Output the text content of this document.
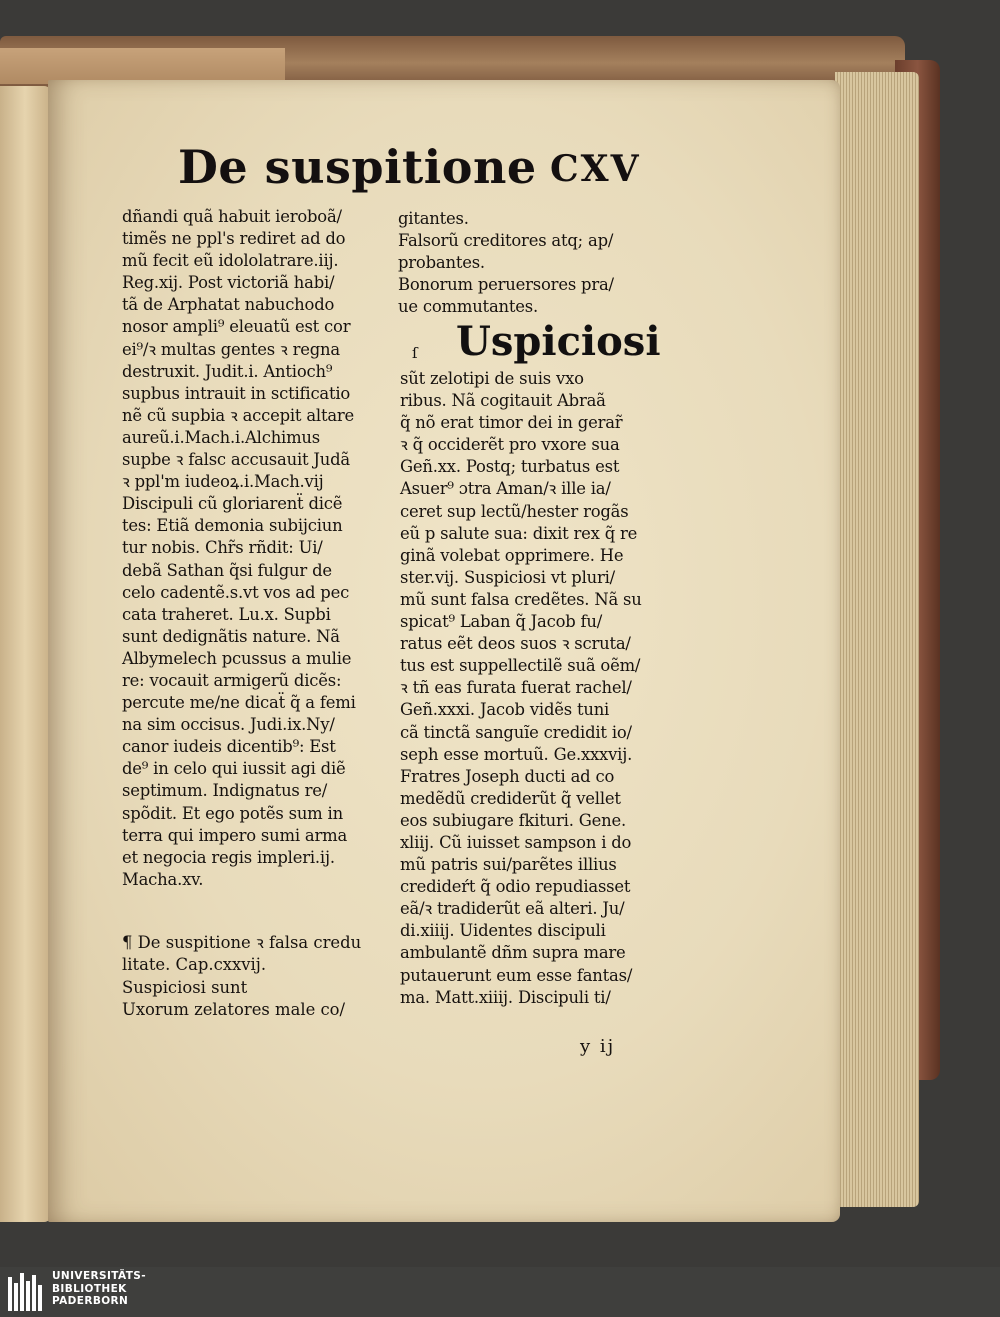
De suspitione CXV
dñandi quã habuit ieroboã/
timẽs ne ppl's rediret ad do
mũ fecit eũ idololatrare.iij.
Reg.xij. Post victoriã habi/
tã de Arphatat nabuchodo
nosor ampli⁹ eleuatũ est cor
ei⁹/ꝛ multas gentes ꝛ regna
destruxit. Judit.i. Antioch⁹
supbus intrauit in sctificatio
nẽ cũ supbia ꝛ accepit altare
aureũ.i.Mach.i.Alchimus
supbe ꝛ falsc accusauit Judã
ꝛ ppl'm iudeoꝝ.i.Mach.vij
Discipuli cũ gloriarenẗ dicẽ
tes: Etiã demonia subijciun
tur nobis. Chr̃s rñdit: Ui/
debã Sathan q̃si fulgur de
celo cadentẽ.s.vt vos ad pec
cata traheret. Lu.x. Supbi
sunt dedignãtis nature. Nã
Albymelech pcussus a mulie
re: vocauit armigerũ dicẽs:
percute me/ne dicaẗ q̃ a femi
na sim occisus. Judi.ix.Ny/
canor iudeis dicentib⁹: Est
de⁹ in celo qui iussit agi diẽ
septimum. Indignatus re/
spõdit. Et ego potẽs sum in
terra qui impero sumi arma
et negocia regis impleri.ij.
Macha.xv.
¶ De suspitione ꝛ falsa credu
litate. Cap.cxxvij.
Suspiciosi sunt
Uxorum zelatores male co/
gitantes.
Falsorũ creditores atq; ap/
probantes.
Bonorum peruersores pra/
ue commutantes.
ſ Uspiciosi
sũt zelotipi de suis vxo
ribus. Nã cogitauit Abraã
q̃ nõ erat timor dei in gerar̃
ꝛ q̃ occiderẽt pro vxore sua
Geñ.xx. Postq; turbatus est
Asuer⁹ ɔtra Aman/ꝛ ille ia/
ceret sup lectũ/hester rogãs
eũ p salute sua: dixit rex q̃ re
ginã volebat opprimere. He
ster.vij. Suspiciosi vt pluri/
mũ sunt falsa credẽtes. Nã su
spicat⁹ Laban q̃ Jacob fu/
ratus eẽt deos suos ꝛ scruta/
tus est suppellectilẽ suã oẽm/
ꝛ tñ eas furata fuerat rachel/
Geñ.xxxi. Jacob vidẽs tuni
cã tinctã sanguĩe credidit io/
seph esse mortuũ. Ge.xxxvij.
Fratres Joseph ducti ad co
medẽdũ crediderũt q̃ vellet
eos subiugare fkituri. Gene.
xliij. Cũ iuisset sampson i do
mũ patris sui/parẽtes illius
credideŕt q̃ odio repudiasset
eã/ꝛ tradiderũt eã alteri. Ju/
di.xiiij. Uidentes discipuli
ambulantẽ dñm supra mare
putauerunt eum esse fantas/
ma. Matt.xiiij. Discipuli ti/
y ij
UNIVERSITÄTS-
BIBLIOTHEK
PADERBORN
